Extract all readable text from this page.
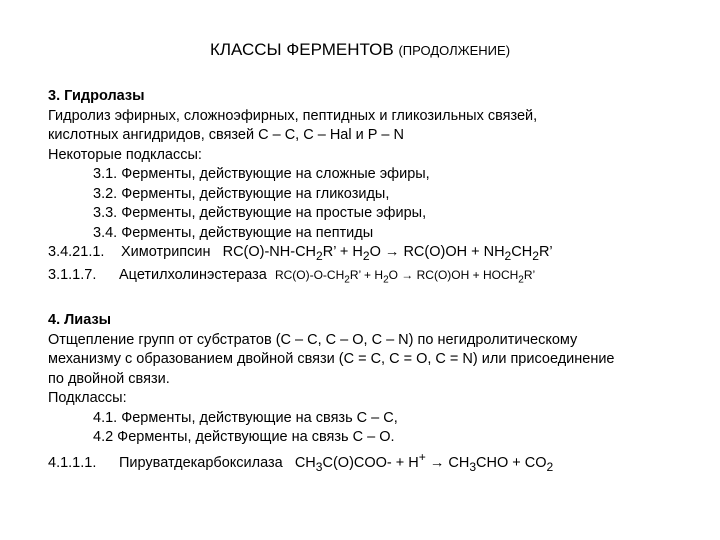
КЛАССЫ ФЕРМЕНТОВ (ПРОДОЛЖЕНИЕ)
3. Гидролазы
Гидролиз эфирных, сложноэфирных, пептидных и гликозильных связей,
кислотных ангидридов, связей С – С, С – Hal и Р – N
Некоторые подклассы:
3.1. Ферменты, действующие на сложные эфиры,
3.2. Ферменты, действующие на гликозиды,
3.3. Ферменты, действующие на простые эфиры,
3.4. Ферменты, действующие на пептиды
3.4.21.1. Химотрипсин $RC(O)-NH-CH_2R$’ + $H_2O \to RC(O)OH + NH_2CH_2R$’
3.1.1.7. Ацетилхолинэстераза $RC(O)-O-CH_2R$’ + $H_2O \to RC(O)OH$ + $HOCH_2R$’
4. Лиазы
Отщепление групп от субстратов (С – С, С – О, С – N) по негидролитическому
механизму с образованием двойной связи (С = С, С = О, С = N) или присоединение
по двойной связи.
Подклассы:
4.1. Ферменты, действующие на связь С – С,
4.2 Ферменты, действующие на связь С – О.
4.1.1.1. Пируватдекарбоксилаза $CH_3C(O)COO- + H^+ \to CH_3CHO + CO_2$
